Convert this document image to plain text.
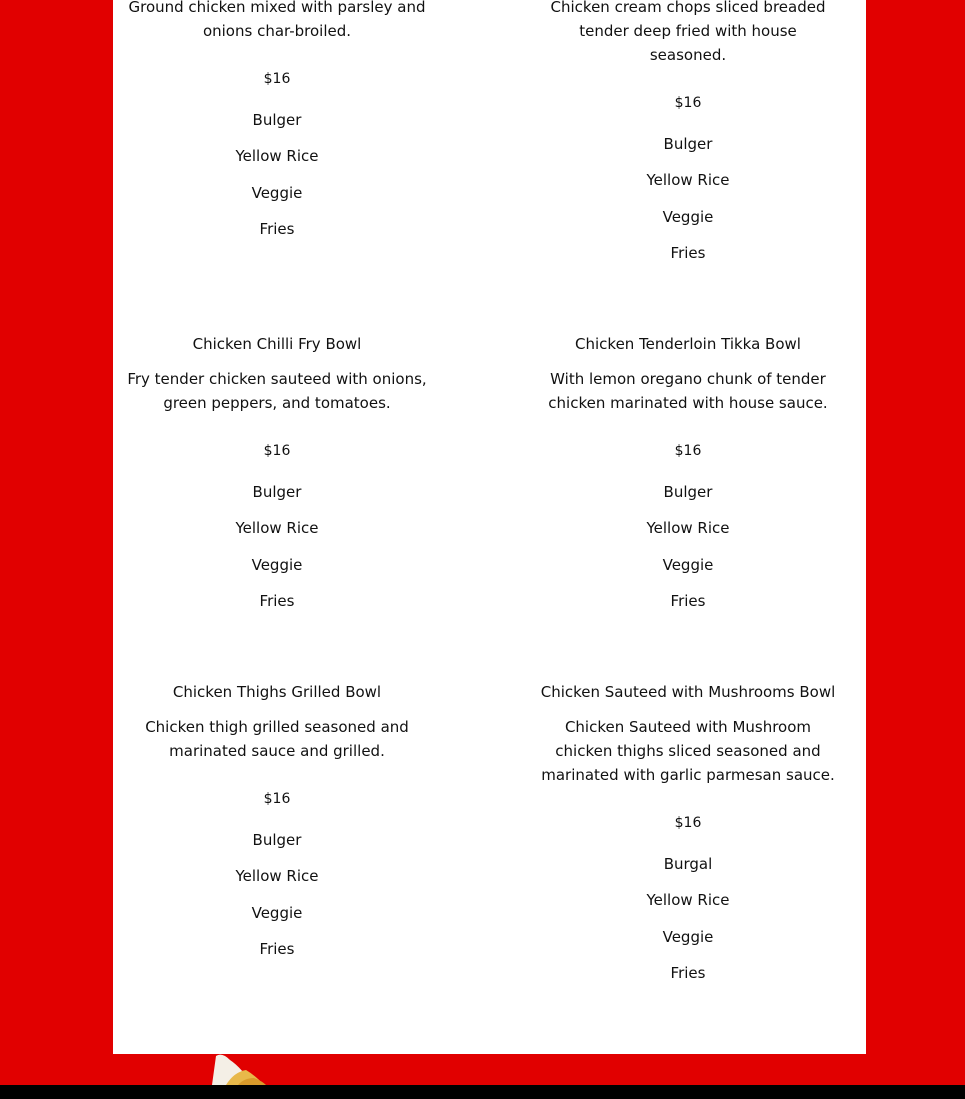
Ground chicken mixed with parsley and onions char-broiled.

$16

Bulger

Yellow Rice

Veggie

Fries

Chicken Chilli Fry Bowl

Fry tender chicken sauteed with onions, green peppers, and tomatoes.

$16

Bulger

Yellow Rice

Veggie

Fries

Chicken Thighs Grilled Bowl

Chicken thigh grilled seasoned and marinated sauce and grilled.

$16

Bulger

Yellow Rice

Veggie

Fries

Chicken cream chops sliced breaded tender deep fried with house seasoned.

$16

Bulger

Yellow Rice

Veggie

Fries

Chicken Tenderloin Tikka Bowl

With lemon oregano chunk of tender chicken marinated with house sauce.

$16

Bulger

Yellow Rice

Veggie

Fries

Chicken Sauteed with Mushrooms Bowl

Chicken Sauteed with Mushroom chicken thighs sliced seasoned and marinated with garlic parmesan sauce.

$16

Burgal

Yellow Rice

Veggie

Fries
